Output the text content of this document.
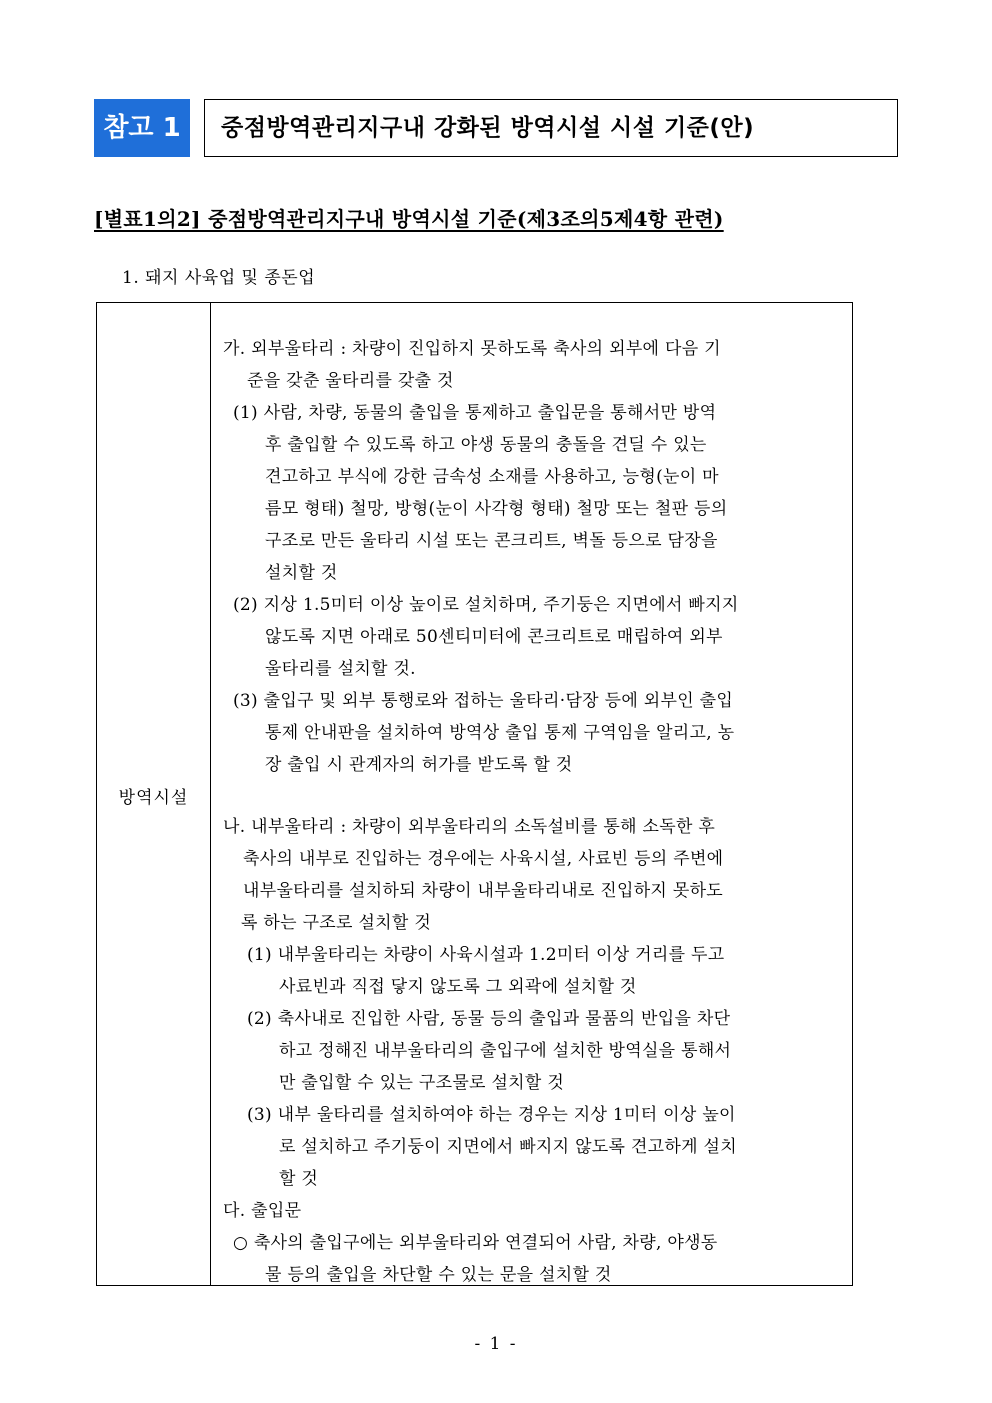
참고 1	중점방역관리지구내 강화된 방역시설 시설 기준(안)
[별표1의2] 중점방역관리지구내 방역시설 기준(제3조의5제4항 관련)
1. 돼지 사육업 및 종돈업
방역시설
가. 외부울타리 : 차량이 진입하지 못하도록 축사의 외부에 다음 기
준을 갖춘 울타리를 갖출 것
(1) 사람, 차량, 동물의 출입을 통제하고 출입문을 통해서만 방역
후 출입할 수 있도록 하고 야생 동물의 충돌을 견딜 수 있는
견고하고 부식에 강한 금속성 소재를 사용하고, 능형(눈이 마
름모 형태) 철망, 방형(눈이 사각형 형태) 철망 또는 철판 등의
구조로 만든 울타리 시설 또는 콘크리트, 벽돌 등으로 담장을
설치할 것
(2) 지상 1.5미터 이상 높이로 설치하며, 주기둥은 지면에서 빠지지
않도록 지면 아래로 50센티미터에 콘크리트로 매립하여 외부
울타리를 설치할 것.
(3) 출입구 및 외부 통행로와 접하는 울타리·담장 등에 외부인 출입
통제 안내판을 설치하여 방역상 출입 통제 구역임을 알리고, 농
장 출입 시 관계자의 허가를 받도록 할 것
나. 내부울타리 : 차량이 외부울타리의 소독설비를 통해 소독한 후
축사의 내부로 진입하는 경우에는 사육시설, 사료빈 등의 주변에
내부울타리를 설치하되 차량이 내부울타리내로 진입하지 못하도
록 하는 구조로 설치할 것
(1) 내부울타리는 차량이 사육시설과 1.2미터 이상 거리를 두고
사료빈과 직접 닿지 않도록 그 외곽에 설치할 것
(2) 축사내로 진입한 사람, 동물 등의 출입과 물품의 반입을 차단
하고 정해진 내부울타리의 출입구에 설치한 방역실을 통해서
만 출입할 수 있는 구조물로 설치할 것
(3) 내부 울타리를 설치하여야 하는 경우는 지상 1미터 이상 높이
로 설치하고 주기둥이 지면에서 빠지지 않도록 견고하게 설치
할 것
다. 출입문
○ 축사의 출입구에는 외부울타리와 연결되어 사람, 차량, 야생동
물 등의 출입을 차단할 수 있는 문을 설치할 것
- 1 -
